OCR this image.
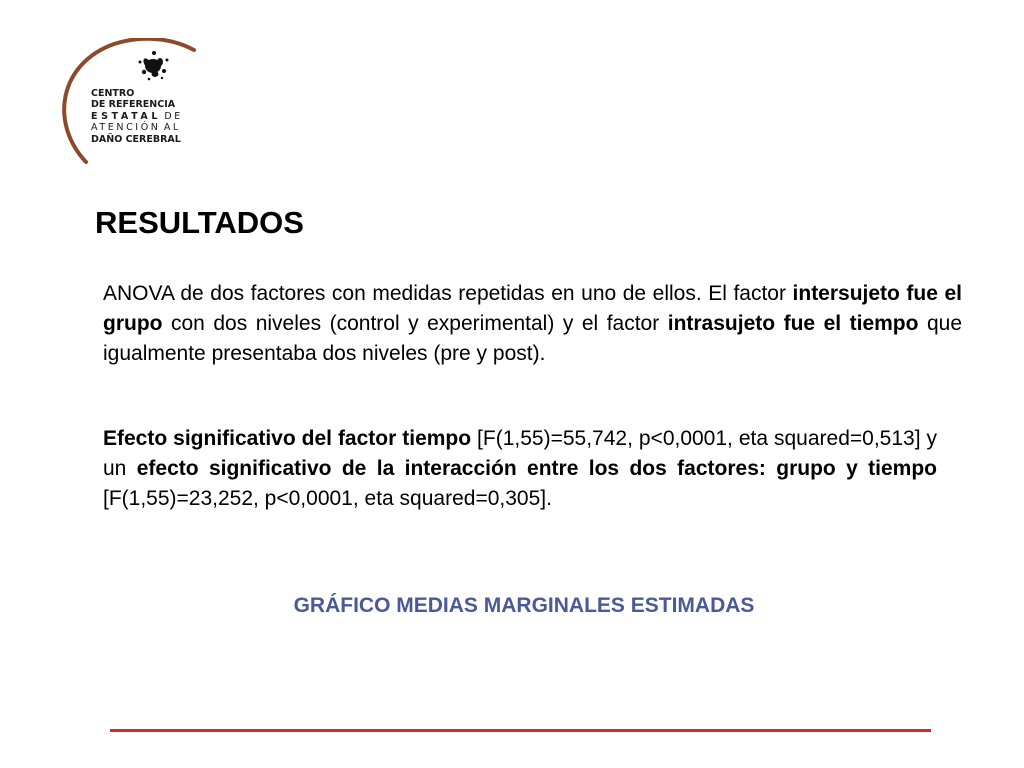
CENTRO
DE REFERENCIA
ESTATAL DE
ATENCIÓN AL
DAÑO CEREBRAL
RESULTADOS

ANOVA de dos factores con medidas repetidas en uno de ellos. El factor intersujeto fue el grupo con dos niveles (control y experimental) y el factor intrasujeto fue el tiempo que igualmente presentaba dos niveles (pre y post).

Efecto significativo del factor tiempo [F(1,55)=55,742, p<0,0001, eta squared=0,513] y un efecto significativo de la interacción entre los dos factores: grupo y tiempo [F(1,55)=23,252, p<0,0001, eta squared=0,305].

GRÁFICO MEDIAS MARGINALES ESTIMADAS
